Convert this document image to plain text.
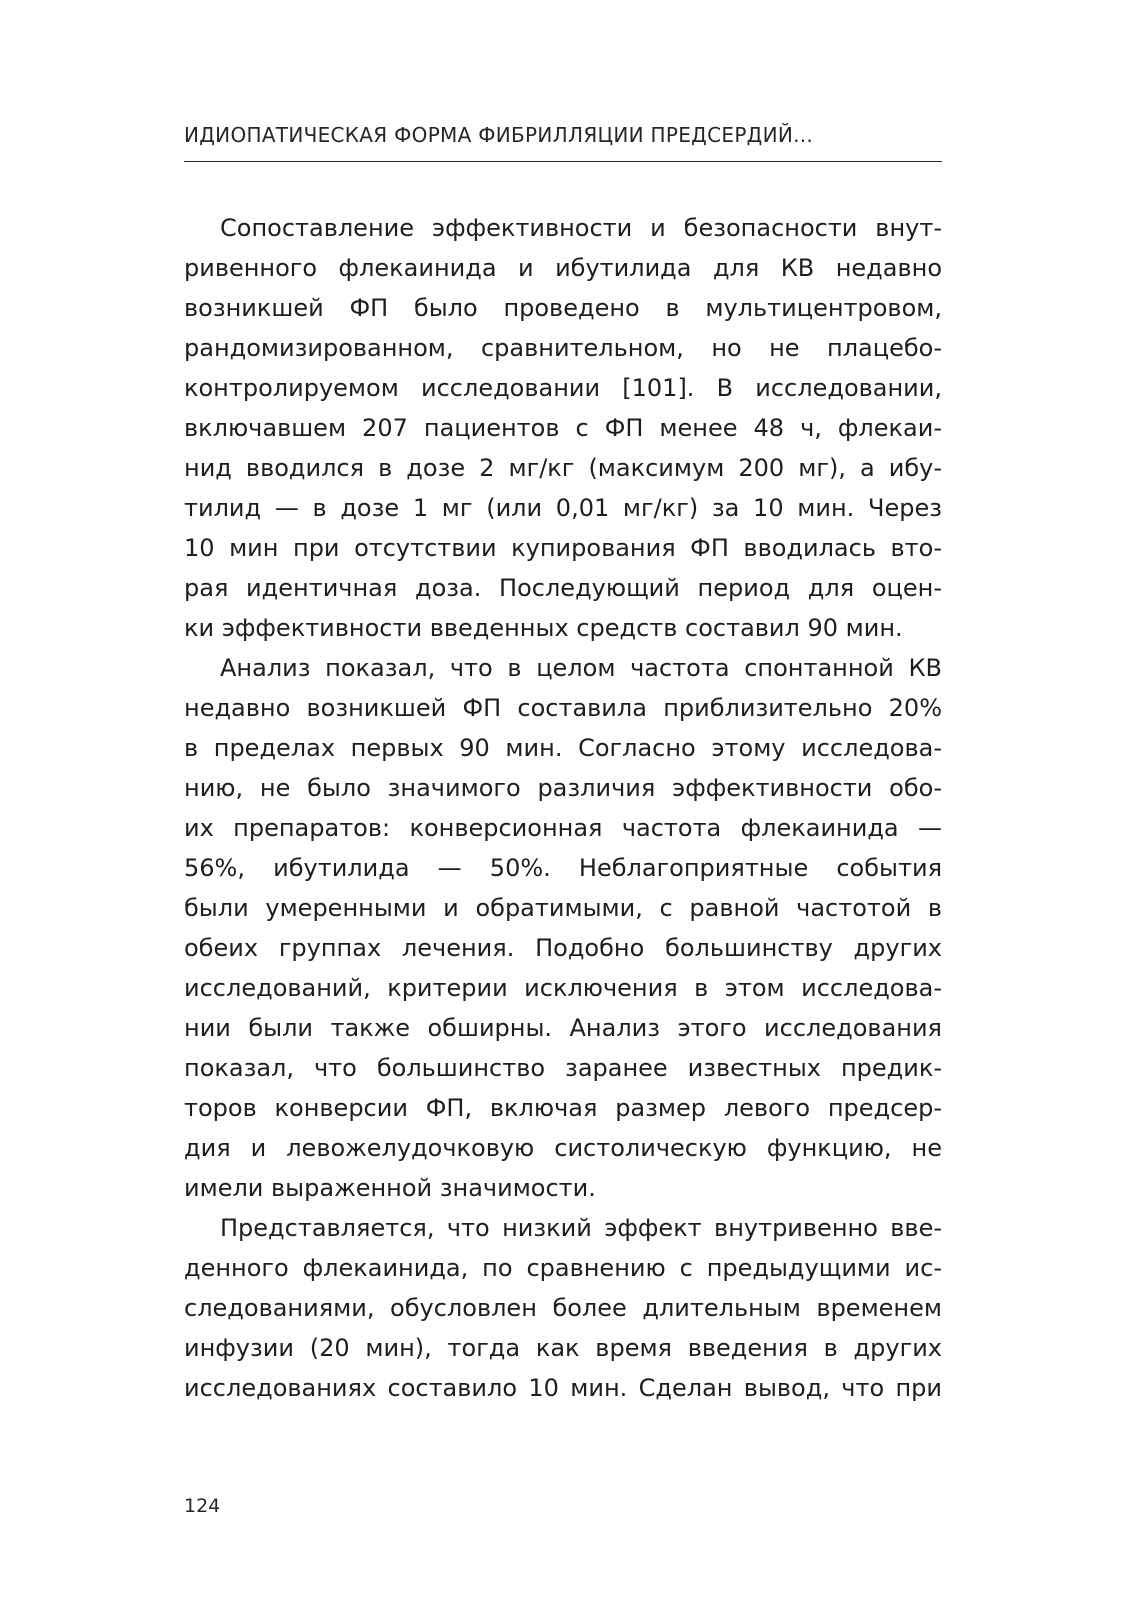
ИДИОПАТИЧЕСКАЯ ФОРМА ФИБРИЛЛЯЦИИ ПРЕДСЕРДИЙ...
Сопоставление эффективности и безопасности внут-
ривенного флекаинида и ибутилида для КВ недавно
возникшей ФП было проведено в мультицентровом,
рандомизированном, сравнительном, но не плацебо-
контролируемом исследовании [101]. В исследовании,
включавшем 207 пациентов с ФП менее 48 ч, флекаи-
нид вводился в дозе 2 мг/кг (максимум 200 мг), а ибу-
тилид — в дозе 1 мг (или 0,01 мг/кг) за 10 мин. Через
10 мин при отсутствии купирования ФП вводилась вто-
рая идентичная доза. Последующий период для оцен-
ки эффективности введенных средств составил 90 мин.
Анализ показал, что в целом частота спонтанной КВ
недавно возникшей ФП составила приблизительно 20%
в пределах первых 90 мин. Согласно этому исследова-
нию, не было значимого различия эффективности обо-
их препаратов: конверсионная частота флекаинида —
56%, ибутилида — 50%. Неблагоприятные события
были умеренными и обратимыми, с равной частотой в
обеих группах лечения. Подобно большинству других
исследований, критерии исключения в этом исследова-
нии были также обширны. Анализ этого исследования
показал, что большинство заранее известных предик-
торов конверсии ФП, включая размер левого предсер-
дия и левожелудочковую систолическую функцию, не
имели выраженной значимости.
Представляется, что низкий эффект внутривенно вве-
денного флекаинида, по сравнению с предыдущими ис-
следованиями, обусловлен более длительным временем
инфузии (20 мин), тогда как время введения в других
исследованиях составило 10 мин. Сделан вывод, что при
124
